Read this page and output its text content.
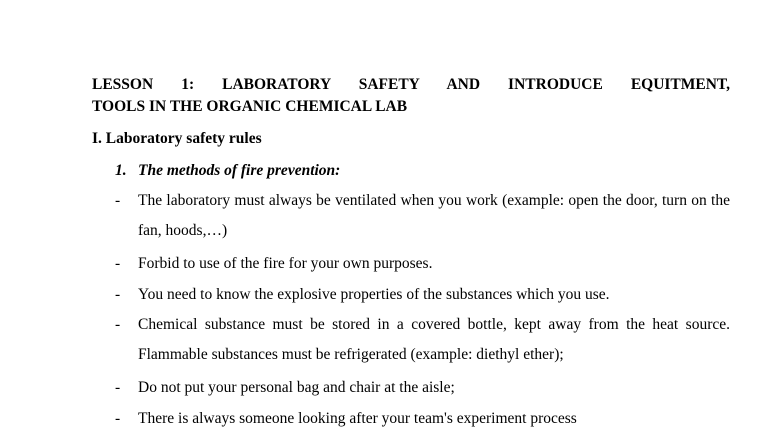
LESSON 1: LABORATORY SAFETY AND INTRODUCE EQUITMENT,
TOOLS IN THE ORGANIC CHEMICAL LAB
I. Laboratory safety rules
1. The methods of fire prevention:
- The laboratory must always be ventilated when you work (example: open the door, turn on the fan, hoods,…)
- Forbid to use of the fire for your own purposes.
- You need to know the explosive properties of the substances which you use.
- Chemical substance must be stored in a covered bottle, kept away from the heat source. Flammable substances must be refrigerated (example: diethyl ether);
- Do not put your personal bag and chair at the aisle;
- There is always someone looking after your team's experiment process
